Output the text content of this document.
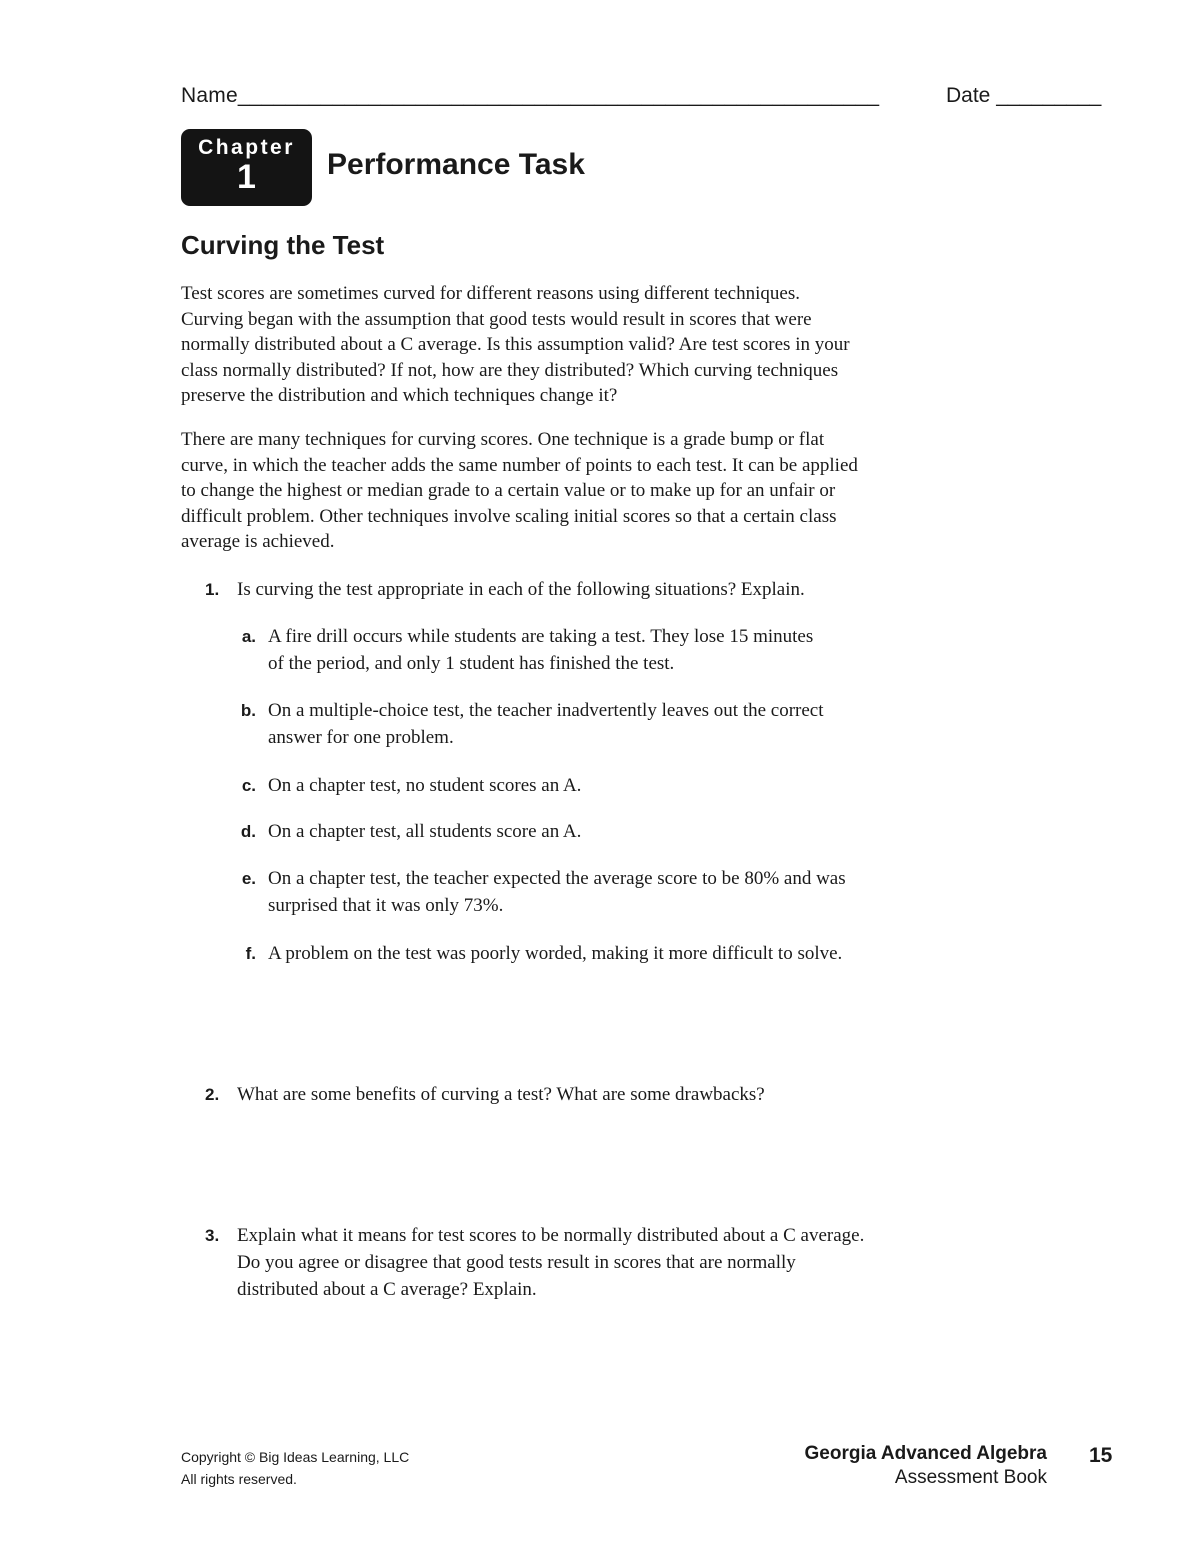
Name______________________________________________________	Date _________
Chapter
1	Performance Task
Curving the Test
Test scores are sometimes curved for different reasons using different techniques.
Curving began with the assumption that good tests would result in scores that were
normally distributed about a C average. Is this assumption valid? Are test scores in your
class normally distributed? If not, how are they distributed? Which curving techniques
preserve the distribution and which techniques change it?
There are many techniques for curving scores. One technique is a grade bump or flat
curve, in which the teacher adds the same number of points to each test. It can be applied
to change the highest or median grade to a certain value or to make up for an unfair or
difficult problem. Other techniques involve scaling initial scores so that a certain class
average is achieved.
1. Is curving the test appropriate in each of the following situations? Explain.
a. A fire drill occurs while students are taking a test. They lose 15 minutes
of the period, and only 1 student has finished the test.
b. On a multiple-choice test, the teacher inadvertently leaves out the correct
answer for one problem.
c. On a chapter test, no student scores an A.
d. On a chapter test, all students score an A.
e. On a chapter test, the teacher expected the average score to be 80% and was
surprised that it was only 73%.
f. A problem on the test was poorly worded, making it more difficult to solve.
2. What are some benefits of curving a test? What are some drawbacks?
3. Explain what it means for test scores to be normally distributed about a C average.
Do you agree or disagree that good tests result in scores that are normally
distributed about a C average? Explain.
Copyright © Big Ideas Learning, LLC
All rights reserved.
Georgia Advanced Algebra
Assessment Book
15
